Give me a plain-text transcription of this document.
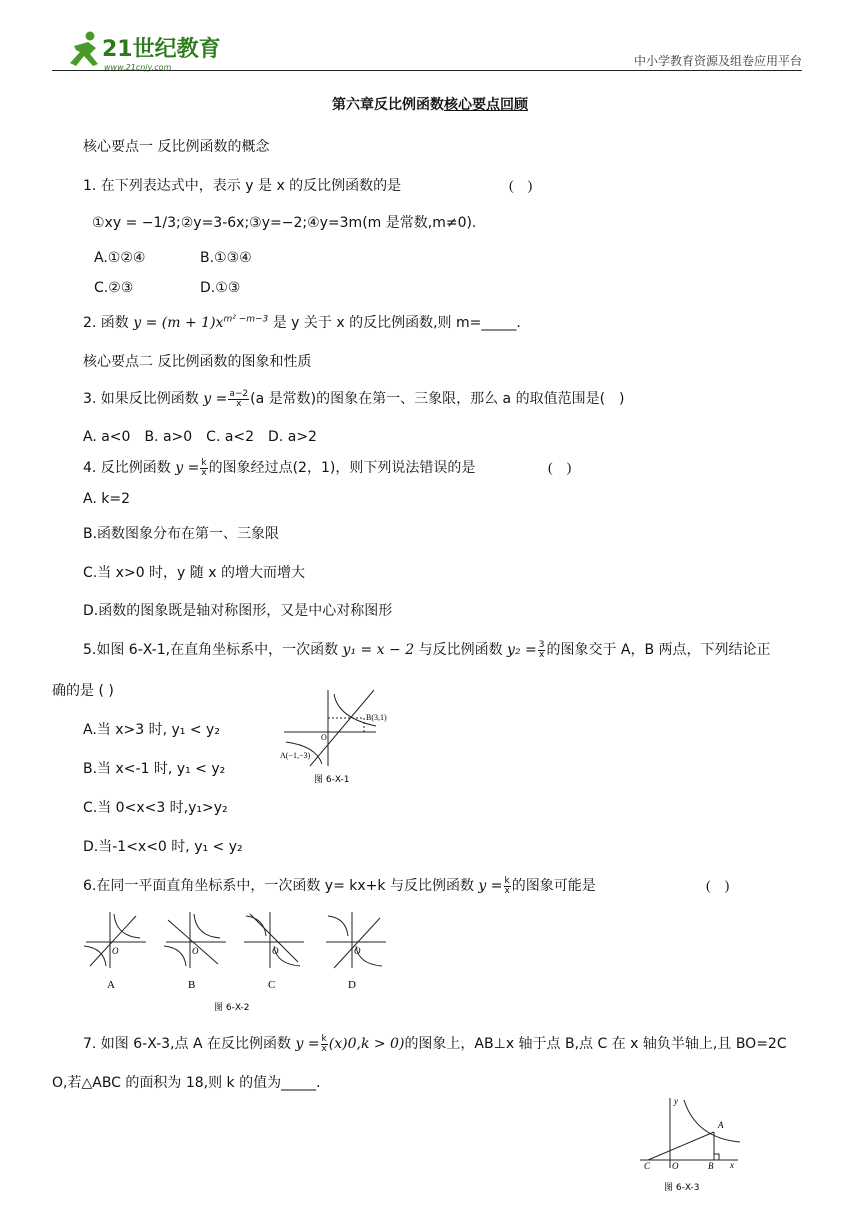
21世纪教育
www.21cnjy.com	中小学教育资源及组卷应用平台
第六章反比例函数核心要点回顾
核心要点一 反比例函数的概念
1. 在下列表达式中，表示 y 是 x 的反比例函数的是	(　)
①xy = −1/3;②y=3-6x;③y=−2;④y=3m(m 是常数,m≠0).
A.①②④	B.①③④
C.②③	D.①③
2. 函数 $y = (m + 1)x^{m^2 -m-3}$ 是 y 关于 x 的反比例函数,则 m=_____.
核心要点二 反比例函数的图象和性质
3. 如果反比例函数 $y = \frac{a-2}{x} (a$ 是常数)的图象在第一、三象限，那么 a 的取值范围是(　)
A. a<0　B. a>0　C. a<2　D. a>2
4. 反比例函数 $y = \frac{k}{x}$ 的图象经过点(2，1)，则下列说法错误的是	(　)
A. k=2
B.函数图象分布在第一、三象限
C.当 x>0 时，y 随 x 的增大而增大
D.函数的图象既是轴对称图形，又是中心对称图形
5.如图 6-X-1,在直角坐标系中，一次函数 y₁ = x − 2 与反比例函数 $y_2 = \frac{3}{x}$ 的图象交于 A，B 两点，下列结论正
确的是 ( )
A.当 x>3 时, y₁ < y₂
B.当 x<-1 时, y₁ < y₂
C.当 0<x<3 时,y₁>y₂
D.当-1<x<0 时, y₁ < y₂
B(3,1)
A(−1,−3)
O
图 6-X-1
6.在同一平面直角坐标系中，一次函数 y= kx+k 与反比例函数 $y = \frac{k}{x}$ 的图象可能是	(　)
O	O	O	O
A	B	C	D
图 6-X-2
7. 如图 6-X-3,点 A 在反比例函数 $y = \frac{k}{x} (x)0,k > 0$)的图象上，AB⊥x 轴于点 B,点 C 在 x 轴负半轴上,且 BO=2C
O,若△ABC 的面积为 18,则 k 的值为_____.
A
C O	B x
y
图 6-X-3
